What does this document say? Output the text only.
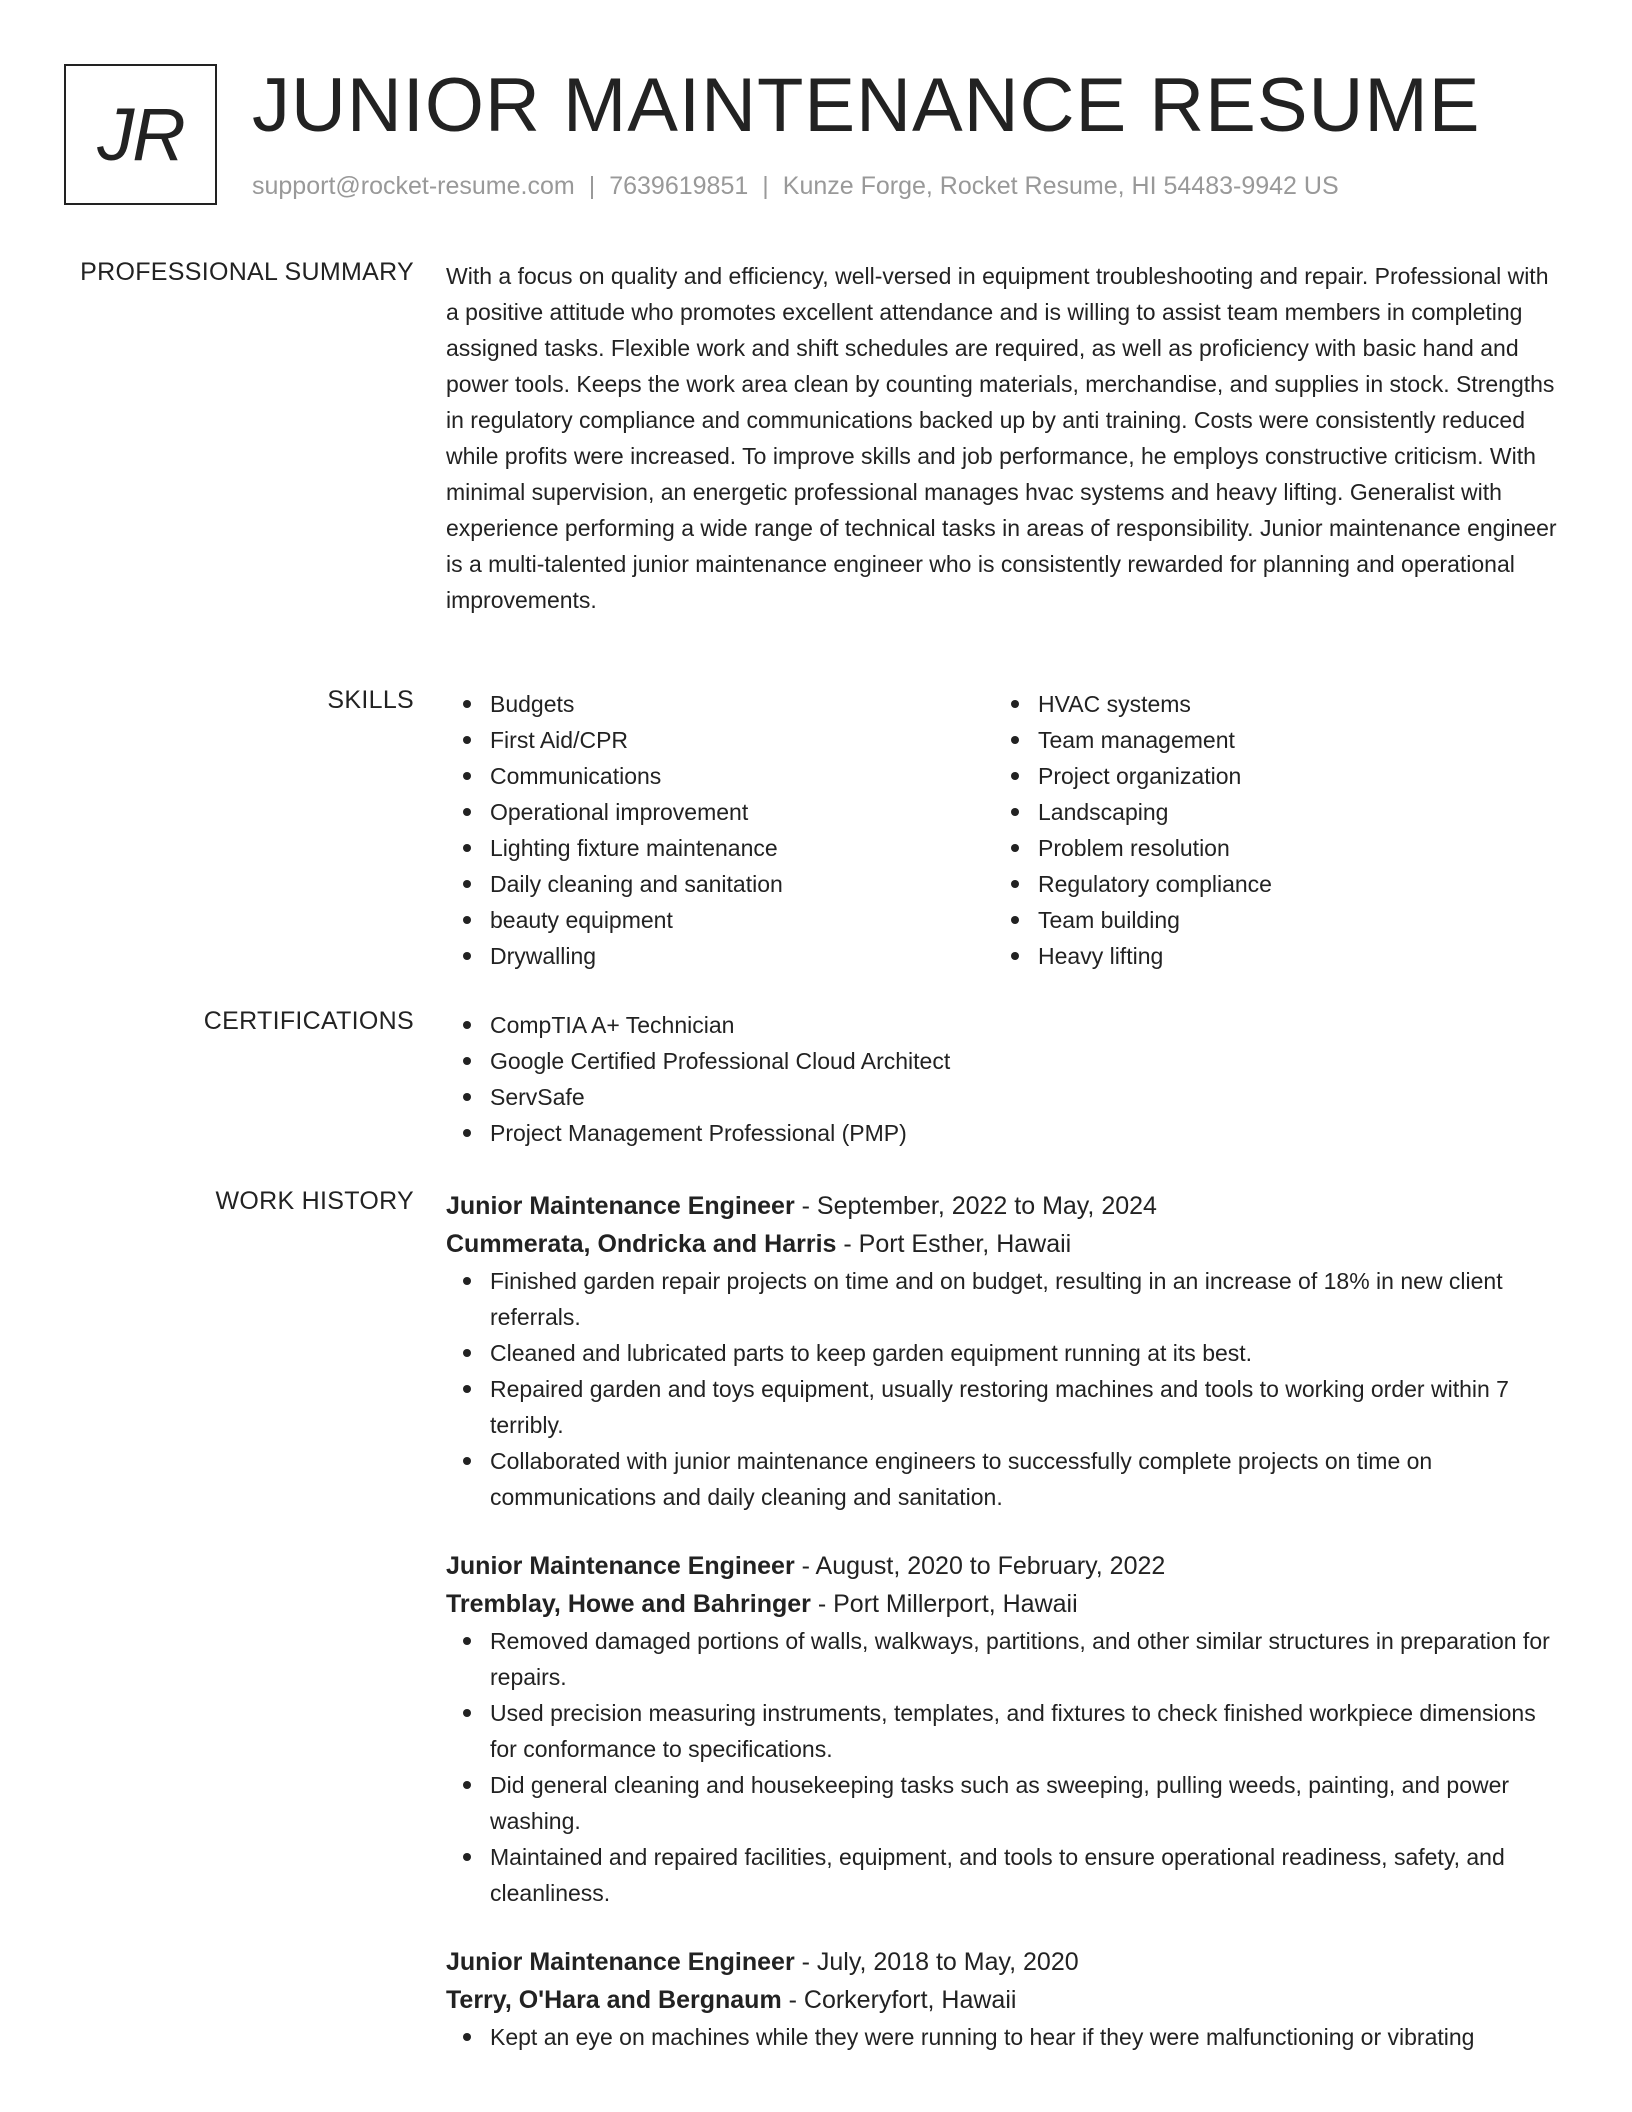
JR JUNIOR MAINTENANCE RESUME
support@rocket-resume.com | 7639619851 | Kunze Forge, Rocket Resume, HI 54483-9942 US
PROFESSIONAL SUMMARY With a focus on quality and efficiency, well-versed in equipment troubleshooting and repair. Professional with a positive attitude who promotes excellent attendance and is willing to assist team members in completing assigned tasks. Flexible work and shift schedules are required, as well as proficiency with basic hand and power tools. Keeps the work area clean by counting materials, merchandise, and supplies in stock. Strengths in regulatory compliance and communications backed up by anti training. Costs were consistently reduced while profits were increased. To improve skills and job performance, he employs constructive criticism. With minimal supervision, an energetic professional manages hvac systems and heavy lifting. Generalist with experience performing a wide range of technical tasks in areas of responsibility. Junior maintenance engineer is a multi-talented junior maintenance engineer who is consistently rewarded for planning and operational improvements.

SKILLS	Budgets
First Aid/CPR
Communications
Operational improvement
Lighting fixture maintenance
Daily cleaning and sanitation
beauty equipment
Drywalling
HVAC systems
Team management
Project organization
Landscaping
Problem resolution
Regulatory compliance
Team building
Heavy lifting
CERTIFICATIONS	CompTIA A+ Technician
Google Certified Professional Cloud Architect
ServSafe
Project Management Professional (PMP)
WORK HISTORY Junior Maintenance Engineer - September, 2022 to May, 2024
Cummerata, Ondricka and Harris - Port Esther, Hawaii
Finished garden repair projects on time and on budget, resulting in an increase of 18% in new client referrals.
Cleaned and lubricated parts to keep garden equipment running at its best.
Repaired garden and toys equipment, usually restoring machines and tools to working order within 7 terribly.
Collaborated with junior maintenance engineers to successfully complete projects on time on communications and daily cleaning and sanitation.
Junior Maintenance Engineer - August, 2020 to February, 2022
Tremblay, Howe and Bahringer - Port Millerport, Hawaii
Removed damaged portions of walls, walkways, partitions, and other similar structures in preparation for repairs.
Used precision measuring instruments, templates, and fixtures to check finished workpiece dimensions for conformance to specifications.
Did general cleaning and housekeeping tasks such as sweeping, pulling weeds, painting, and power washing.
Maintained and repaired facilities, equipment, and tools to ensure operational readiness, safety, and cleanliness.
Junior Maintenance Engineer - July, 2018 to May, 2020
Terry, O'Hara and Bergnaum - Corkeryfort, Hawaii
Kept an eye on machines while they were running to hear if they were malfunctioning or vibrating
